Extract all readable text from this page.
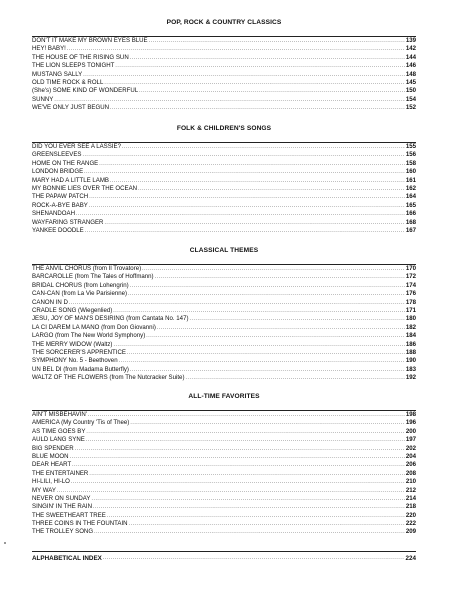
POP, ROCK & COUNTRY CLASSICS
DON'T IT MAKE MY BROWN EYES BLUE .....	139
HEY! BABY! .....	142
THE HOUSE OF THE RISING SUN .....	144
THE LION SLEEPS TONIGHT .....	146
MUSTANG SALLY .....	148
OLD TIME ROCK & ROLL .....	145
(She's) SOME KIND OF WONDERFUL .....	150
SUNNY .....	154
WE'VE ONLY JUST BEGUN .....	152
FOLK & CHILDREN'S SONGS
DID YOU EVER SEE A LASSIE? .....	155
GREENSLEEVES .....	156
HOME ON THE RANGE .....	158
LONDON BRIDGE .....	160
MARY HAD A LITTLE LAMB .....	161
MY BONNIE LIES OVER THE OCEAN .....	162
THE PAPAW PATCH .....	164
ROCK-A-BYE BABY .....	165
SHENANDOAH .....	166
WAYFARING STRANGER .....	168
YANKEE DOODLE .....	167
CLASSICAL THEMES
THE ANVIL CHORUS (from Il Trovatore) .....	170
BARCAROLLE (from The Tales of Hoffmann) .....	172
BRIDAL CHORUS (from Lohengrin) .....	174
CAN-CAN (from La Vie Parisienne) .....	176
CANON IN D .....	178
CRADLE SONG (Wiegenlied) .....	171
JESU, JOY OF MAN'S DESIRING (from Cantata No. 147) .....	180
LA CI DAREM LA MANO (from Don Giovanni) .....	182
LARGO (from The New World Symphony) .....	184
THE MERRY WIDOW (Waltz) .....	186
THE SORCERER'S APPRENTICE .....	188
SYMPHONY No. 5 - Beethoven .....	190
UN BEL DI (from Madama Butterfly) .....	183
WALTZ OF THE FLOWERS (from The Nutcracker Suite) .....	192
ALL-TIME FAVORITES
AIN'T MISBEHAVIN' .....	198
AMERICA (My Country 'Tis of Thee) .....	196
AS TIME GOES BY .....	200
AULD LANG SYNE .....	197
BIG SPENDER .....	202
BLUE MOON .....	204
DEAR HEART .....	206
THE ENTERTAINER .....	208
HI-LILI, HI-LO .....	210
MY WAY .....	212
NEVER ON SUNDAY .....	214
SINGIN' IN THE RAIN .....	218
THE SWEETHEART TREE .....	220
THREE COINS IN THE FOUNTAIN .....	222
THE TROLLEY SONG .....	209
ALPHABETICAL INDEX .....	224
